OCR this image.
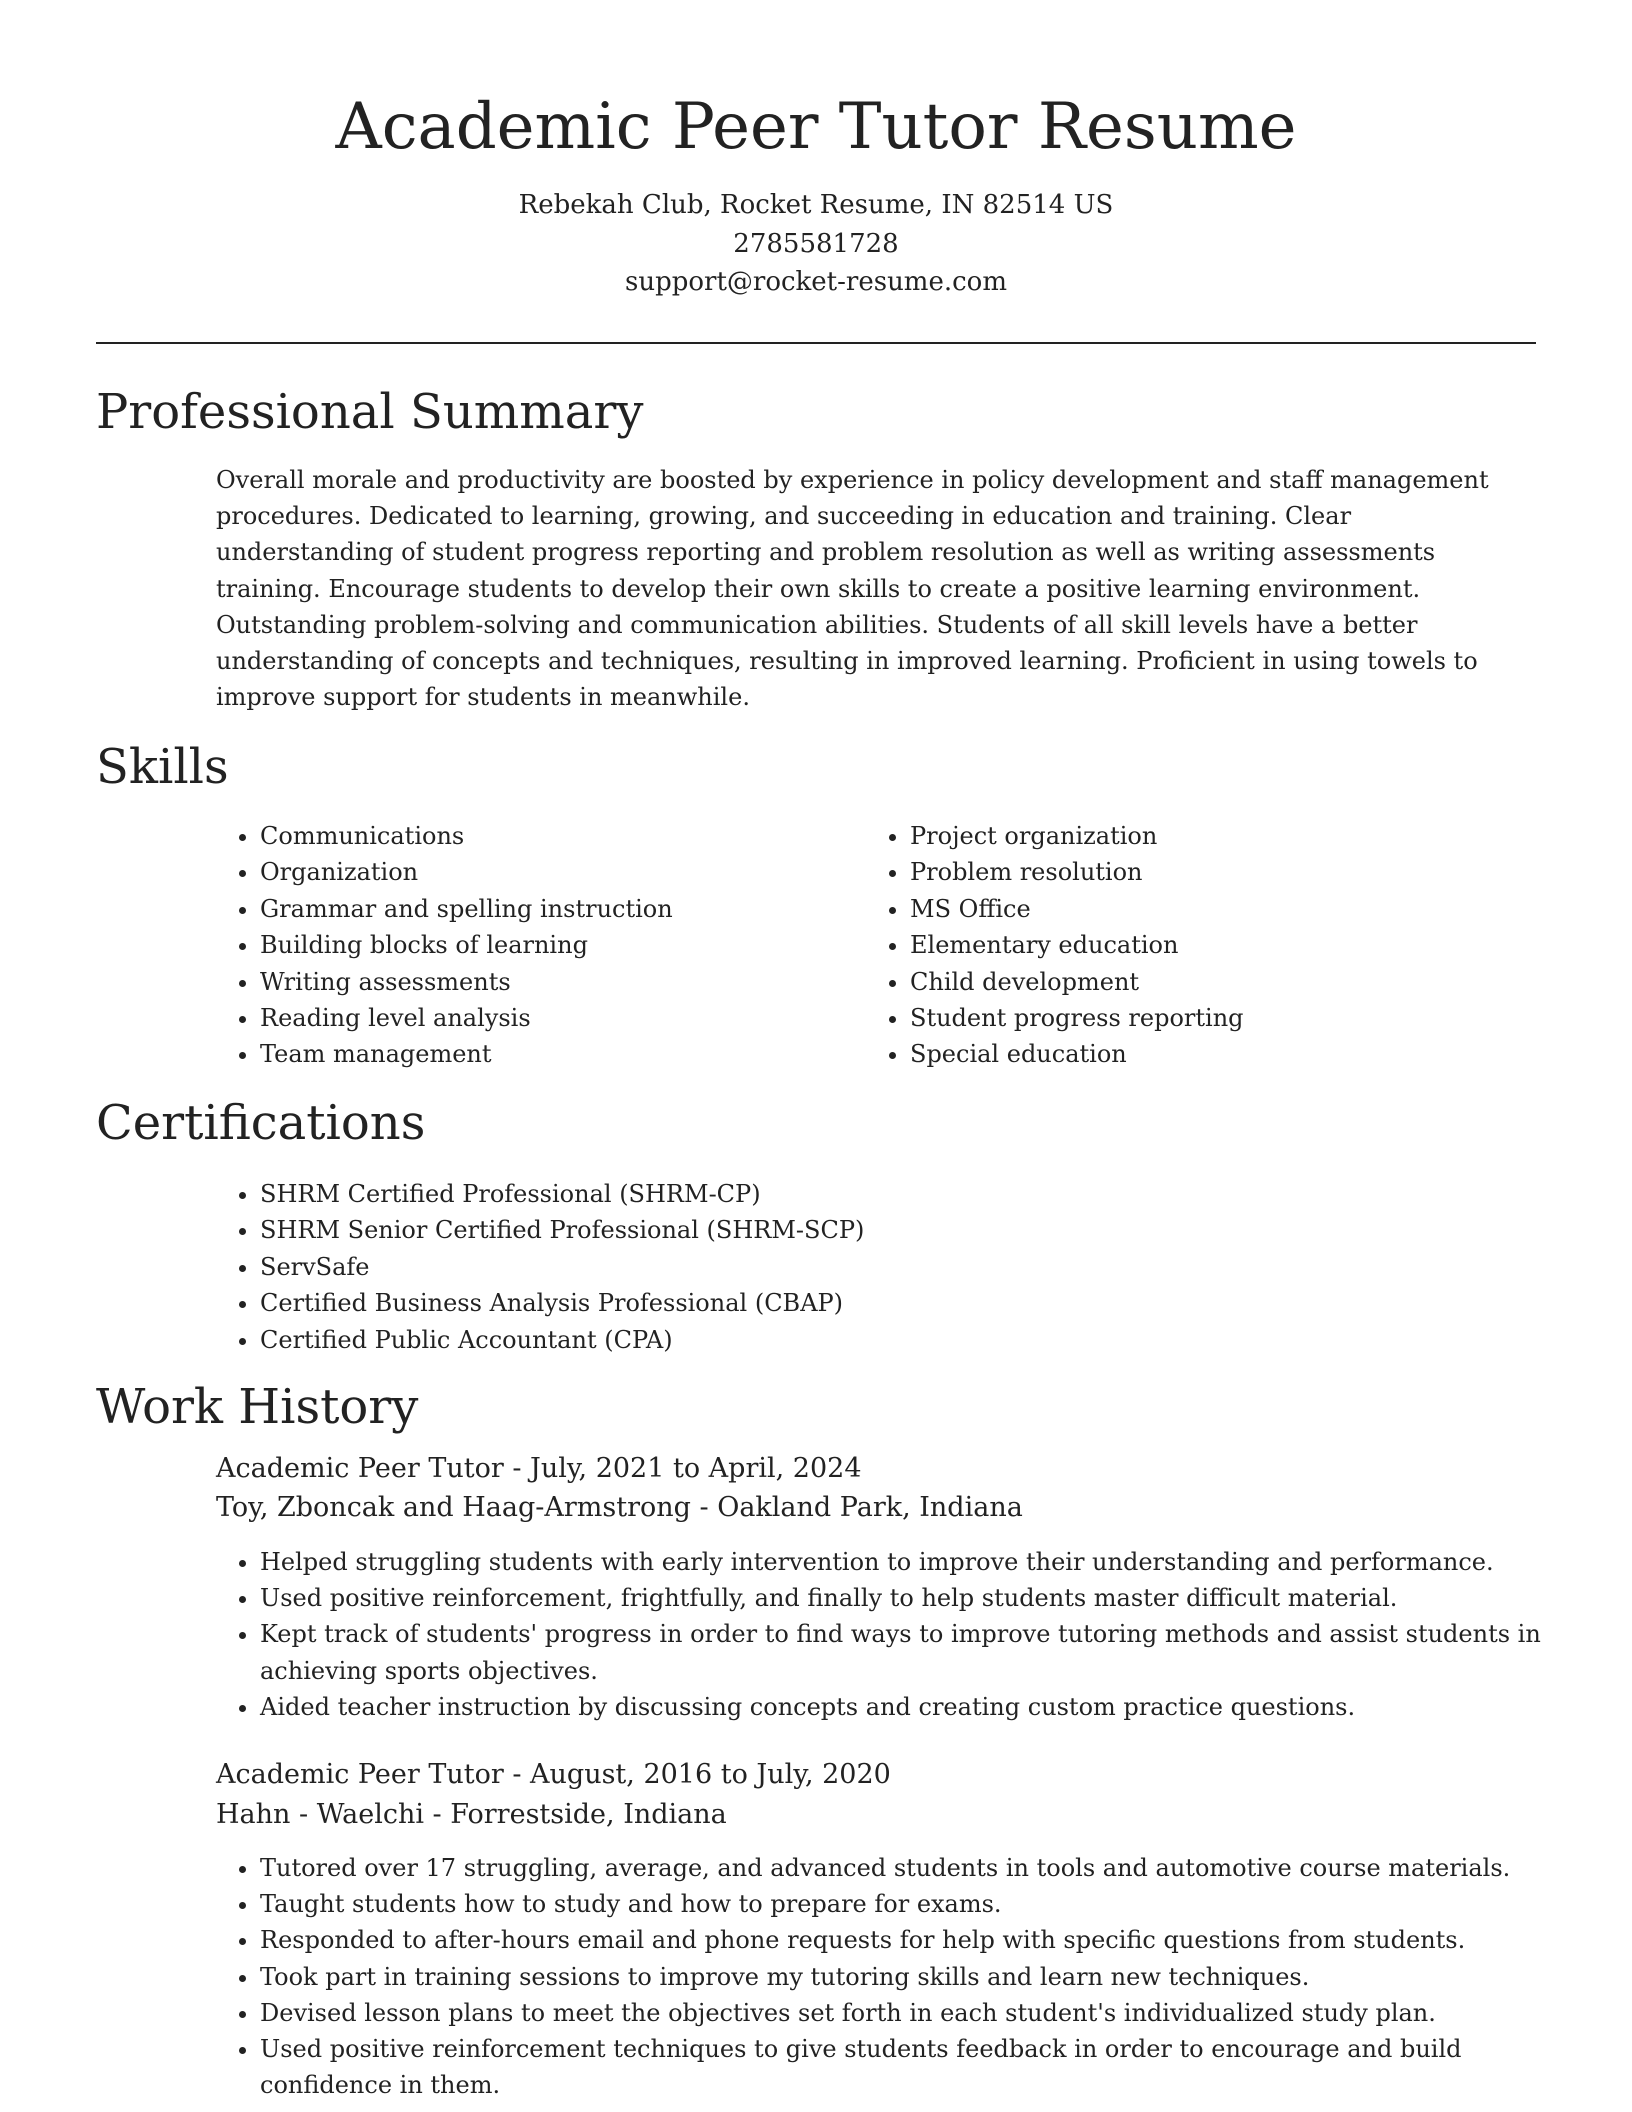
Academic Peer Tutor Resume
Rebekah Club, Rocket Resume, IN 82514 US
2785581728
support@rocket-resume.com
Professional Summary

Overall morale and productivity are boosted by experience in policy development and staff management procedures. Dedicated to learning, growing, and succeeding in education and training. Clear understanding of student progress reporting and problem resolution as well as writing assessments training. Encourage students to develop their own skills to create a positive learning environment. Outstanding problem-solving and communication abilities. Students of all skill levels have a better understanding of concepts and techniques, resulting in improved learning. Proficient in using towels to improve support for students in meanwhile.

Skills
• Communications
• Organization
• Grammar and spelling instruction
• Building blocks of learning
• Writing assessments
• Reading level analysis
• Team management
• Project organization
• Problem resolution
• MS Office
• Elementary education
• Child development
• Student progress reporting
• Special education
Certifications
• SHRM Certified Professional (SHRM-CP)
• SHRM Senior Certified Professional (SHRM-SCP)
• ServSafe
• Certified Business Analysis Professional (CBAP)
• Certified Public Accountant (CPA)
Work History
Academic Peer Tutor - July, 2021 to April, 2024
Toy, Zboncak and Haag-Armstrong - Oakland Park, Indiana
• Helped struggling students with early intervention to improve their understanding and performance.
• Used positive reinforcement, frightfully, and finally to help students master difficult material.
• Kept track of students' progress in order to find ways to improve tutoring methods and assist students in achieving sports objectives.
• Aided teacher instruction by discussing concepts and creating custom practice questions.
Academic Peer Tutor - August, 2016 to July, 2020
Hahn - Waelchi - Forrestside, Indiana
• Tutored over 17 struggling, average, and advanced students in tools and automotive course materials.
• Taught students how to study and how to prepare for exams.
• Responded to after-hours email and phone requests for help with specific questions from students.
• Took part in training sessions to improve my tutoring skills and learn new techniques.
• Devised lesson plans to meet the objectives set forth in each student's individualized study plan.
• Used positive reinforcement techniques to give students feedback in order to encourage and build confidence in them.
